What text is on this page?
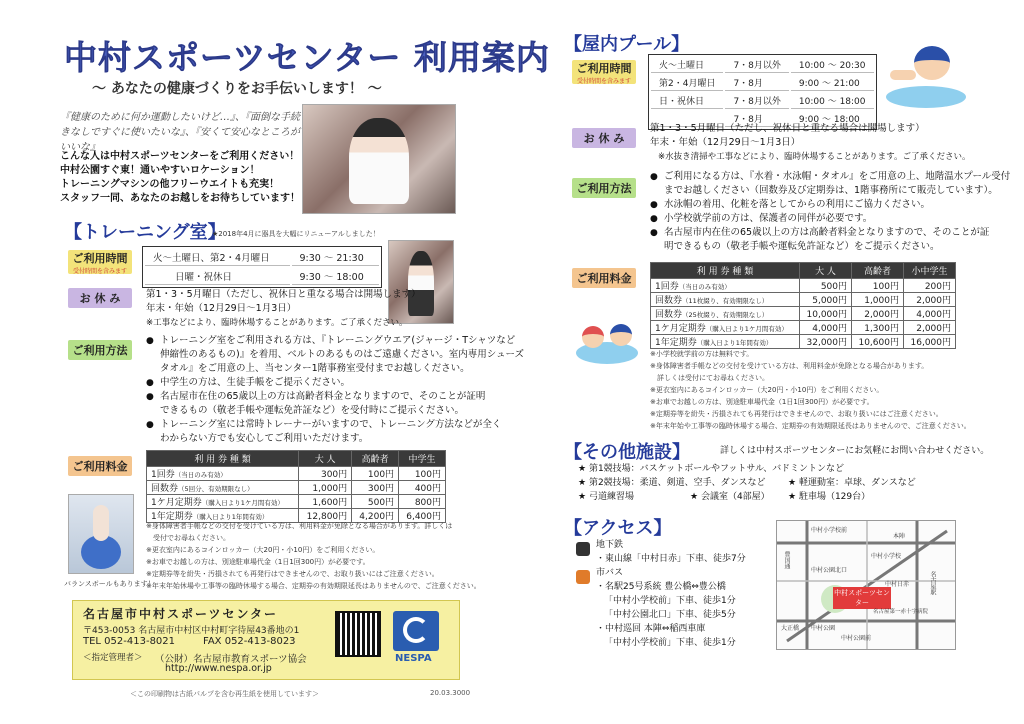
中村スポーツセンター 利用案内
〜 あなたの健康づくりをお手伝いします！ 〜
『健康のために何か運動したいけど…』、『面倒な手続きなしですぐに使いたいな』、『安くて安心なところがいいな』
こんな人は中村スポーツセンターをご利用ください！
中村公園すぐ東！通いやすいロケーション！
トレーニングマシンの他フリーウエイトも充実！
スタッフ一同、あなたのお越しをお待ちしています！
【トレーニング室】
★2018年4月に器具を大幅にリニューアルしました！
ご利用時間
受付時間を含みます
火〜土曜日、第2・4月曜日	9:30 〜 21:30
日曜・祝休日	9:30 〜 18:00
お 休 み	第1・3・5月曜日（ただし、祝休日と重なる場合は開場します）
年末・年始（12月29日〜1月3日）
※工事などにより、臨時休場することがあります。ご了承ください。
ご利用方法
● トレーニング室をご利用される方は、『トレーニングウエア(ジャージ・Tシャツなど
伸縮性のあるもの)』を着用、ベルトのあるものはご遠慮ください。室内専用シューズ
タオル』をご用意の上、当センター1階事務室受付までお越しください。
● 中学生の方は、生徒手帳をご提示ください。
● 名古屋市在住の65歳以上の方は高齢者料金となりますので、そのことが証明
できるもの（敬老手帳や運転免許証など）を受付時にご提示ください。
● トレーニング室には常時トレーナーがいますので、トレーニング方法などが全く
わからない方でも安心してご利用いただけます。
ご利用料金	利 用 券 種 類	大 人	高齢者	中学生
1回券（当日のみ有効）	300円	100円	100円
回数券（5回分、有効期限なし）	1,000円	300円	400円
1ケ月定期券（購入日より1ケ月間有効）	1,600円	500円	800円
1年定期券（購入日より1年間有効）	12,800円	4,200円	6,400円
※身体障害者手帳などの交付を受けている方は、利用料金が免除となる場合があります。詳しくは
　受付でお尋ねください。
※更衣室内にあるコインロッカー（大20円・小10円）をご利用ください。
※お車でお越しの方は、別途駐車場代金（1日1回300円）が必要です。
※定期券等を紛失・汚損されても再発行はできませんので、お取り扱いにはご注意ください。
※年末年始休場や工事等の臨時休場する場合、定期券の有効期限延長はありませんので、ご注意ください。
バランスボールもあります！
名古屋市中村スポーツセンター
〒453-0053 名古屋市中村区中村町字待屋43番地の1
TEL 052-413-8021	FAX 052-413-8023
＜指定管理者＞ （公財）名古屋市教育スポーツ協会
http://www.nespa.or.jp
NESPA
＜この印刷物は古紙パルプを含む再生紙を使用しています＞	20.03.3000
【屋内プール】
ご利用時間
受付時間を含みます
火〜土曜日	7・8月以外	10:00 〜 20:30
第2・4月曜日	7・8月	9:00 〜 21:00
日・祝休日	7・8月以外	10:00 〜 18:00
	7・8月	9:00 〜 18:00
お 休 み
第1・3・5月曜日（ただし、祝休日と重なる場合は開場します）
年末・年始（12月29日〜1月3日）
※水抜き清掃や工事などにより、臨時休場することがあります。ご了承ください。
ご利用方法
● ご利用になる方は、『水着・水泳帽・タオル』をご用意の上、地階温水プール受付
までお越しください（回数券及び定期券は、1階事務所にて販売しています）。
● 水泳帽の着用、化粧を落としてからの利用にご協力ください。
● 小学校就学前の方は、保護者の同伴が必要です。
● 名古屋市内在住の65歳以上の方は高齢者料金となりますので、そのことが証
明できるもの（敬老手帳や運転免許証など）をご提示ください。
ご利用料金	利 用 券 種 類	大 人	高齢者	小中学生
1回券（当日のみ有効）	500円	100円	200円
回数券（11枚綴り、有効期限なし）	5,000円	1,000円	2,000円
回数券（25枚綴り、有効期限なし）	10,000円	2,000円	4,000円
1ケ月定期券（購入日より1ケ月間有効）	4,000円	1,300円	2,000円
1年定期券（購入日より1年間有効）	32,000円	10,600円	16,000円
※小学校就学前の方は無料です。
※身体障害者手帳などの交付を受けている方は、利用料金が免除となる場合があります。
　詳しくは受付にてお尋ねください。
※更衣室内にあるコインロッカー（大20円・小10円）をご利用ください。
※お車でお越しの方は、別途駐車場代金（1日1回300円）が必要です。
※定期券等を紛失・汚損されても再発行はできませんので、お取り扱いにはご注意ください。
※年末年始や工事等の臨時休場する場合、定期券の有効期限延長はありませんので、ご注意ください。
【その他施設】	詳しくは中村スポーツセンターにお気軽にお問い合わせください。
★ 第1競技場：バスケットボールやフットサル、バドミントンなど
★ 第2競技場：柔道、剣道、空手、ダンスなど	★ 軽運動室：卓球、ダンスなど
★ 弓道練習場	★ 会議室（4部屋） ★ 駐車場（129台）
【アクセス】
地下鉄
・東山線「中村日赤」下車、徒歩7分
市バス
・名駅25号系統 豊公橋⇔豊公橋
「中村小学校前」下車、徒歩1分
「中村公園北口」下車、徒歩5分
・中村巡回 本陣⇔稲西車庫
「中村小学校前」下車、徒歩1分
中村スポーツセンター
中村小学校
中村公園
中村日赤
本陣
名古屋駅
名古屋第一赤十字病院
大正橋
中村公園前
豊国通
中村小学校前
中村公園北口
